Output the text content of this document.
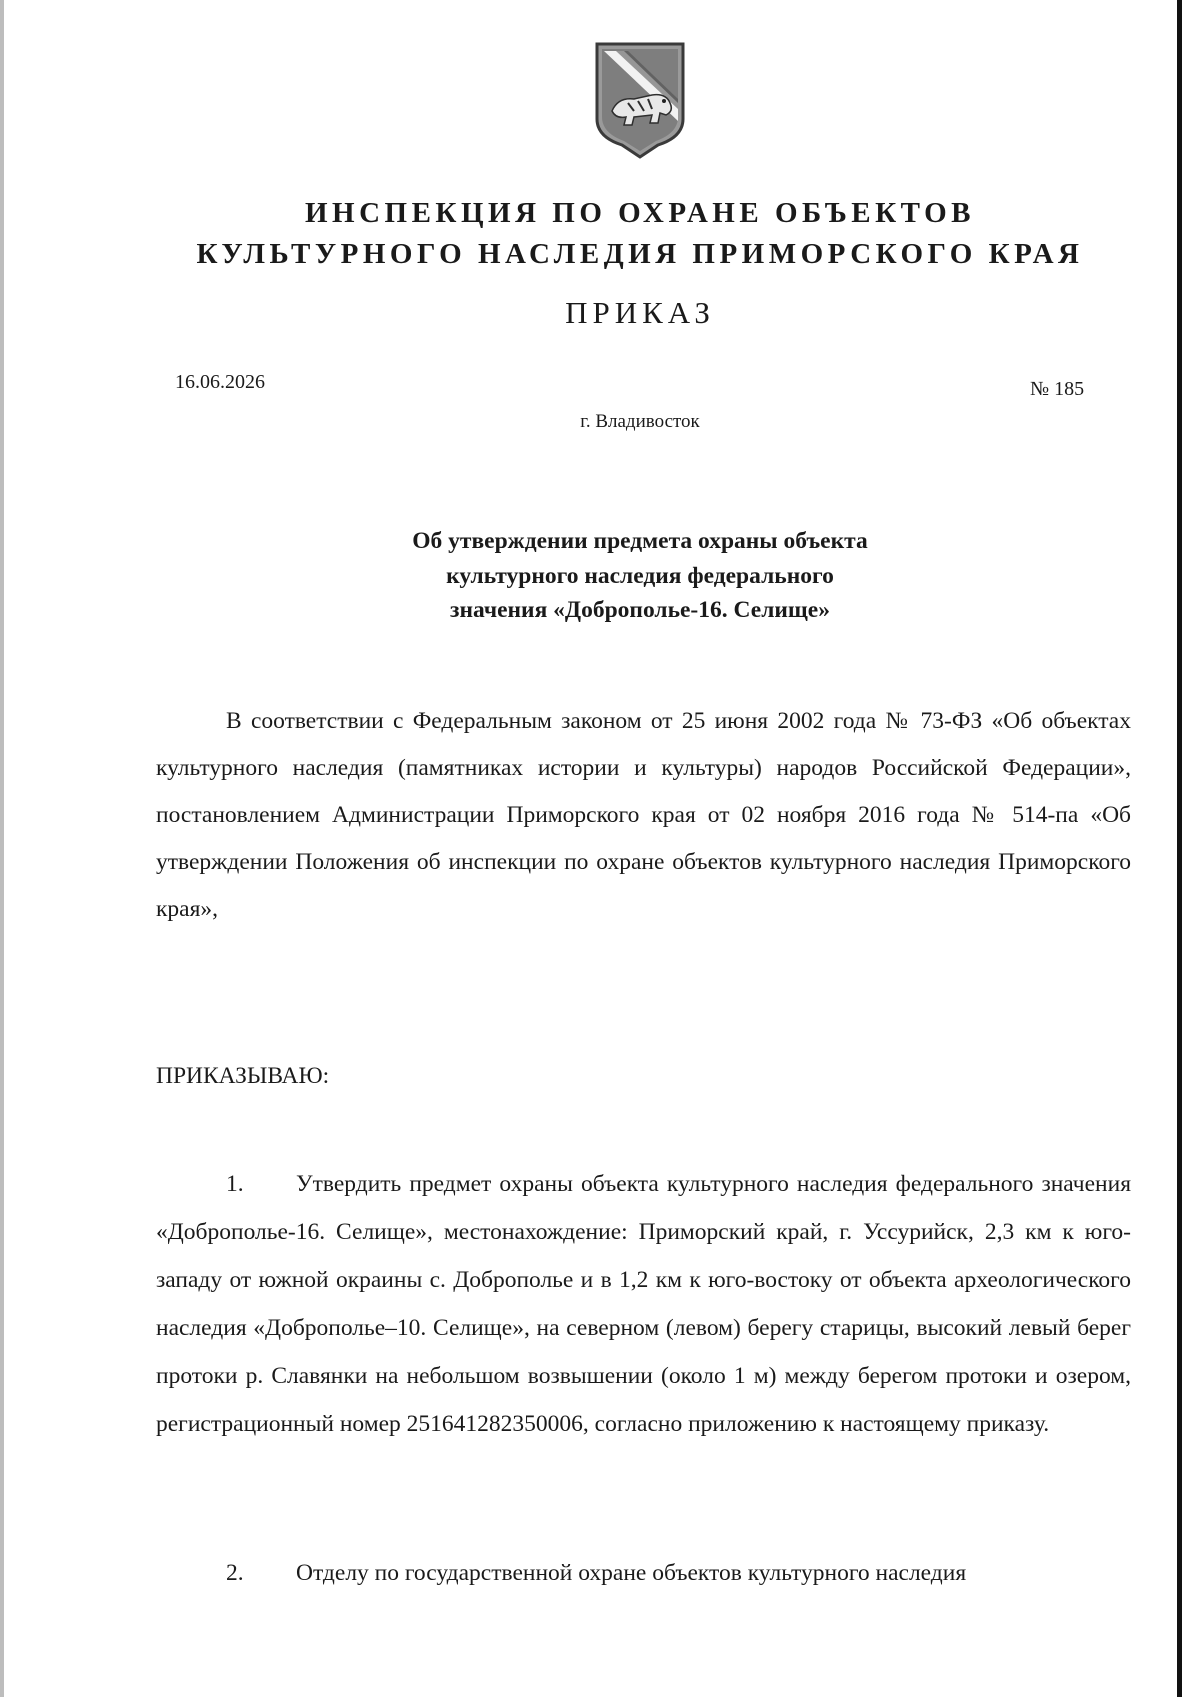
ИНСПЕКЦИЯ ПО ОХРАНЕ ОБЪЕКТОВ
КУЛЬТУРНОГО НАСЛЕДИЯ ПРИМОРСКОГО КРАЯ
ПРИКАЗ
16.06.2026	№ 185
г. Владивосток
Об утверждении предмета охраны объекта
культурного наследия федерального
значения «Доброполье-16. Селище»
В соответствии с Федеральным законом от 25 июня 2002 года № 73-ФЗ «Об объектах культурного наследия (памятниках истории и культуры) народов Российской Федерации», постановлением Администрации Приморского края от 02 ноября 2016 года № 514-па «Об утверждении Положения об инспекции по охране объектов культурного наследия Приморского края»,
ПРИКАЗЫВАЮ:
1. Утвердить предмет охраны объекта культурного наследия федерального значения «Доброполье-16. Селище», местонахождение: Приморский край, г. Уссурийск, 2,3 км к юго-западу от южной окраины с. Доброполье и в 1,2 км к юго-востоку от объекта археологического наследия «Доброполье–10. Селище», на северном (левом) берегу старицы, высокий левый берег протоки р. Славянки на небольшом возвышении (около 1 м) между берегом протоки и озером, регистрационный номер 251641282350006, согласно приложению к настоящему приказу.
2. Отделу по государственной охране объектов культурного наследия
